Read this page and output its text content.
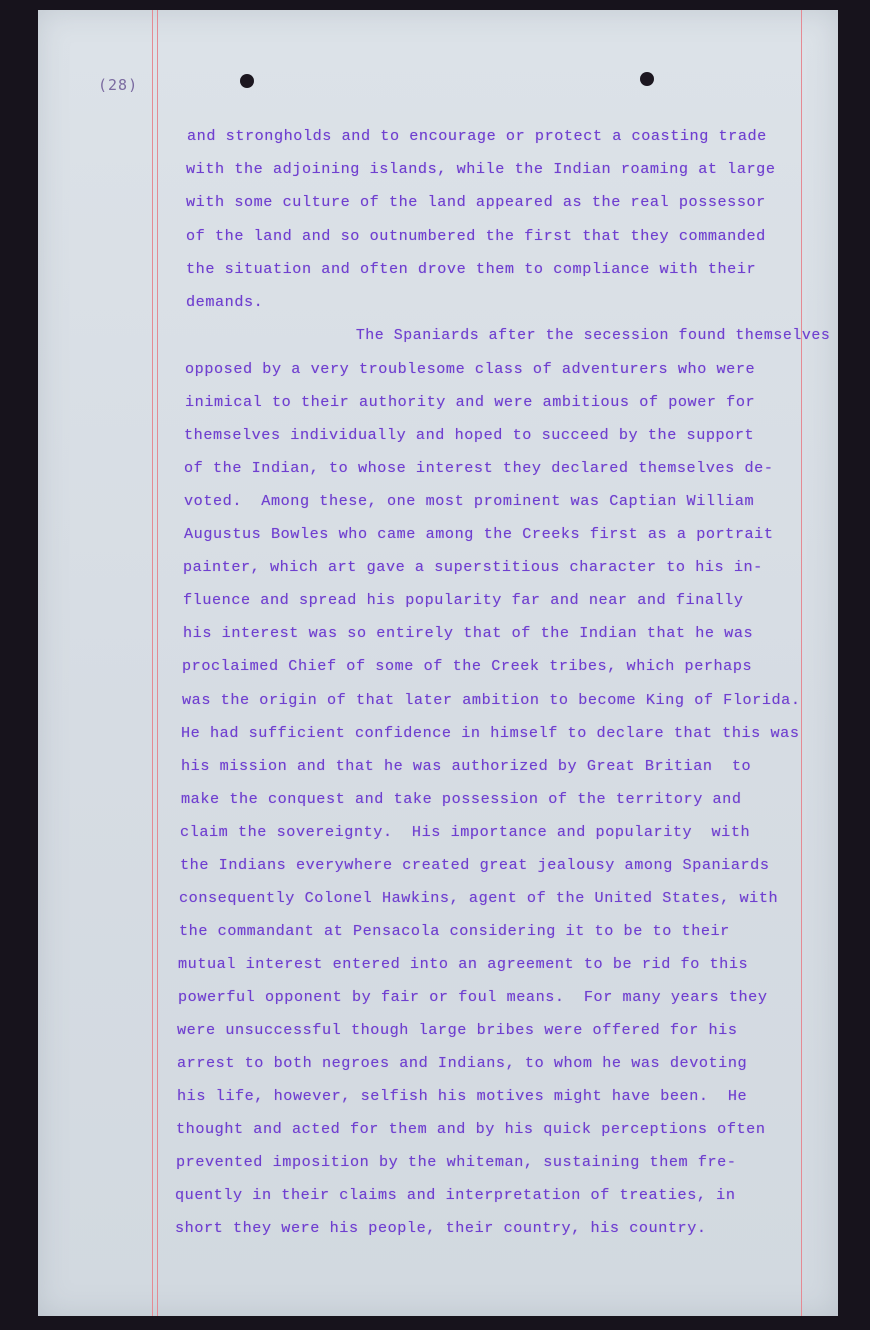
(28)
and strongholds and to encourage or protect a coasting trade
with the adjoining islands, while the Indian roaming at large
with some culture of the land appeared as the real possessor
of the land and so outnumbered the first that they commanded
the situation and often drove them to compliance with their
demands.
The Spaniards after the secession found themselves
opposed by a very troublesome class of adventurers who were
inimical to their authority and were ambitious of power for
themselves individually and hoped to succeed by the support
of the Indian, to whose interest they declared themselves de-
voted.  Among these, one most prominent was Captian William
Augustus Bowles who came among the Creeks first as a portrait
painter, which art gave a superstitious character to his in-
fluence and spread his popularity far and near and finally
his interest was so entirely that of the Indian that he was
proclaimed Chief of some of the Creek tribes, which perhaps
was the origin of that later ambition to become King of Florida.
He had sufficient confidence in himself to declare that this was
his mission and that he was authorized by Great Britian  to
make the conquest and take possession of the territory and
claim the sovereignty.  His importance and popularity  with
the Indians everywhere created great jealousy among Spaniards
consequently Colonel Hawkins, agent of the United States, with
the commandant at Pensacola considering it to be to their
mutual interest entered into an agreement to be rid fo this
powerful opponent by fair or foul means.  For many years they
were unsuccessful though large bribes were offered for his
arrest to both negroes and Indians, to whom he was devoting
his life, however, selfish his motives might have been.  He
thought and acted for them and by his quick perceptions often
prevented imposition by the whiteman, sustaining them fre-
quently in their claims and interpretation of treaties, in
short they were his people, their country, his country.
